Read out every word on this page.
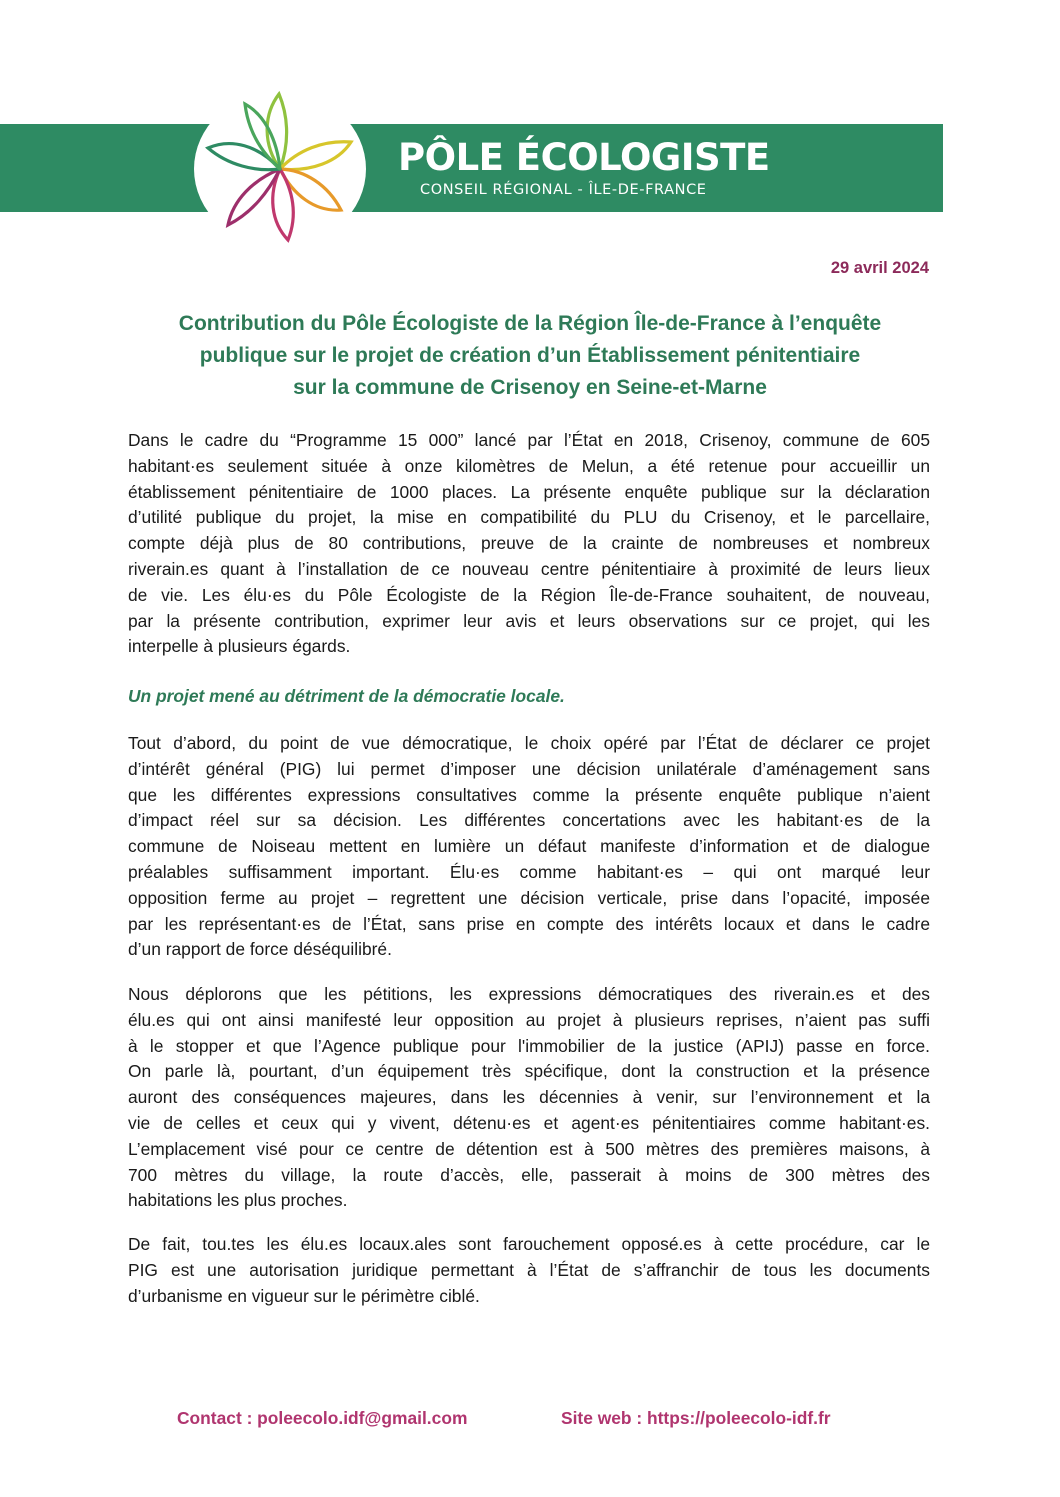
PÔLE ÉCOLOGISTE
CONSEIL RÉGIONAL - ÎLE-DE-FRANCE
29 avril 2024
Contribution du Pôle Écologiste de la Région Île-de-France à l’enquête
publique sur le projet de création d’un Établissement pénitentiaire
sur la commune de Crisenoy en Seine-et-Marne
Dans le cadre du “Programme 15 000” lancé par l’État en 2018, Crisenoy, commune de 605
habitant·es seulement située à onze kilomètres de Melun, a été retenue pour accueillir un
établissement pénitentiaire de 1000 places. La présente enquête publique sur la déclaration
d’utilité publique du projet, la mise en compatibilité du PLU du Crisenoy, et le parcellaire,
compte déjà plus de 80 contributions, preuve de la crainte de nombreuses et nombreux
riverain.es quant à l’installation de ce nouveau centre pénitentiaire à proximité de leurs lieux
de vie. Les élu·es du Pôle Écologiste de la Région Île-de-France souhaitent, de nouveau,
par la présente contribution, exprimer leur avis et leurs observations sur ce projet, qui les
interpelle à plusieurs égards.
Un projet mené au détriment de la démocratie locale.
Tout d’abord, du point de vue démocratique, le choix opéré par l’État de déclarer ce projet
d’intérêt général (PIG) lui permet d’imposer une décision unilatérale d’aménagement sans
que les différentes expressions consultatives comme la présente enquête publique n’aient
d’impact réel sur sa décision. Les différentes concertations avec les habitant·es de la
commune de Noiseau mettent en lumière un défaut manifeste d’information et de dialogue
préalables suffisamment important. Élu·es comme habitant·es – qui ont marqué leur
opposition ferme au projet – regrettent une décision verticale, prise dans l’opacité, imposée
par les représentant·es de l’État, sans prise en compte des intérêts locaux et dans le cadre
d’un rapport de force déséquilibré.
Nous déplorons que les pétitions, les expressions démocratiques des riverain.es et des
élu.es qui ont ainsi manifesté leur opposition au projet à plusieurs reprises, n’aient pas suffi
à le stopper et que l’Agence publique pour l'immobilier de la justice (APIJ) passe en force.
On parle là, pourtant, d’un équipement très spécifique, dont la construction et la présence
auront des conséquences majeures, dans les décennies à venir, sur l’environnement et la
vie de celles et ceux qui y vivent, détenu·es et agent·es pénitentiaires comme habitant·es.
L’emplacement visé pour ce centre de détention est à 500 mètres des premières maisons, à
700 mètres du village, la route d’accès, elle, passerait à moins de 300 mètres des
habitations les plus proches.
De fait, tou.tes les élu.es locaux.ales sont farouchement opposé.es à cette procédure, car le
PIG est une autorisation juridique permettant à l’État de s’affranchir de tous les documents
d’urbanisme en vigueur sur le périmètre ciblé.
Contact : poleecolo.idf@gmail.com	Site web : https://poleecolo-idf.fr
